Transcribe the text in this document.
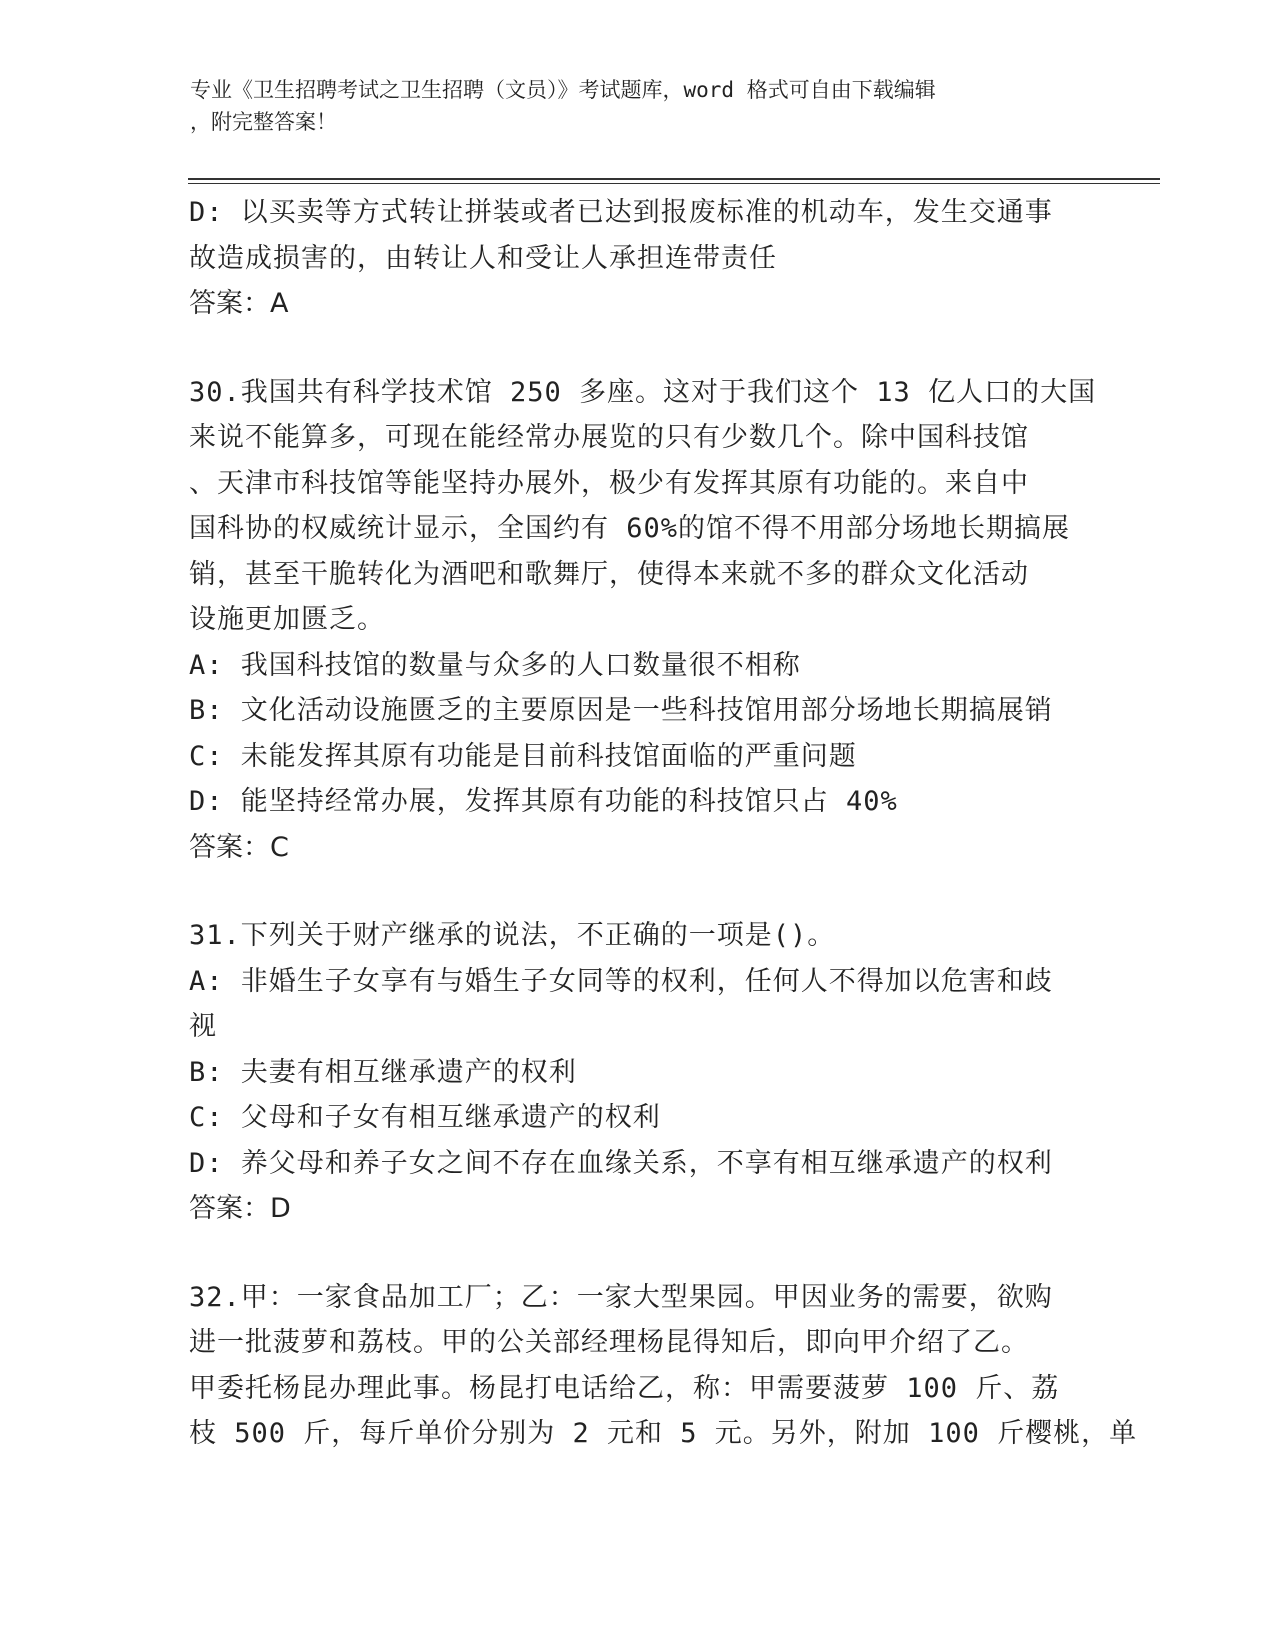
专业《卫生招聘考试之卫生招聘（文员）》考试题库，word 格式可自由下载编辑
，附完整答案！
D: 以买卖等方式转让拼装或者已达到报废标准的机动车，发生交通事
故造成损害的，由转让人和受让人承担连带责任
答案：A
30.我国共有科学技术馆 250 多座。这对于我们这个 13 亿人口的大国
来说不能算多，可现在能经常办展览的只有少数几个。除中国科技馆
、天津市科技馆等能坚持办展外，极少有发挥其原有功能的。来自中
国科协的权威统计显示，全国约有 60%的馆不得不用部分场地长期搞展
销，甚至干脆转化为酒吧和歌舞厅，使得本来就不多的群众文化活动
设施更加匮乏。
A: 我国科技馆的数量与众多的人口数量很不相称
B: 文化活动设施匮乏的主要原因是一些科技馆用部分场地长期搞展销
C: 未能发挥其原有功能是目前科技馆面临的严重问题
D: 能坚持经常办展，发挥其原有功能的科技馆只占 40%
答案：C
31.下列关于财产继承的说法，不正确的一项是()。
A: 非婚生子女享有与婚生子女同等的权利，任何人不得加以危害和歧
视
B: 夫妻有相互继承遗产的权利
C: 父母和子女有相互继承遗产的权利
D: 养父母和养子女之间不存在血缘关系，不享有相互继承遗产的权利
答案：D
32.甲：一家食品加工厂；乙：一家大型果园。甲因业务的需要，欲购
进一批菠萝和荔枝。甲的公关部经理杨昆得知后，即向甲介绍了乙。
甲委托杨昆办理此事。杨昆打电话给乙，称：甲需要菠萝 100 斤、荔
枝 500 斤，每斤单价分别为 2 元和 5 元。另外，附加 100 斤樱桃，单
